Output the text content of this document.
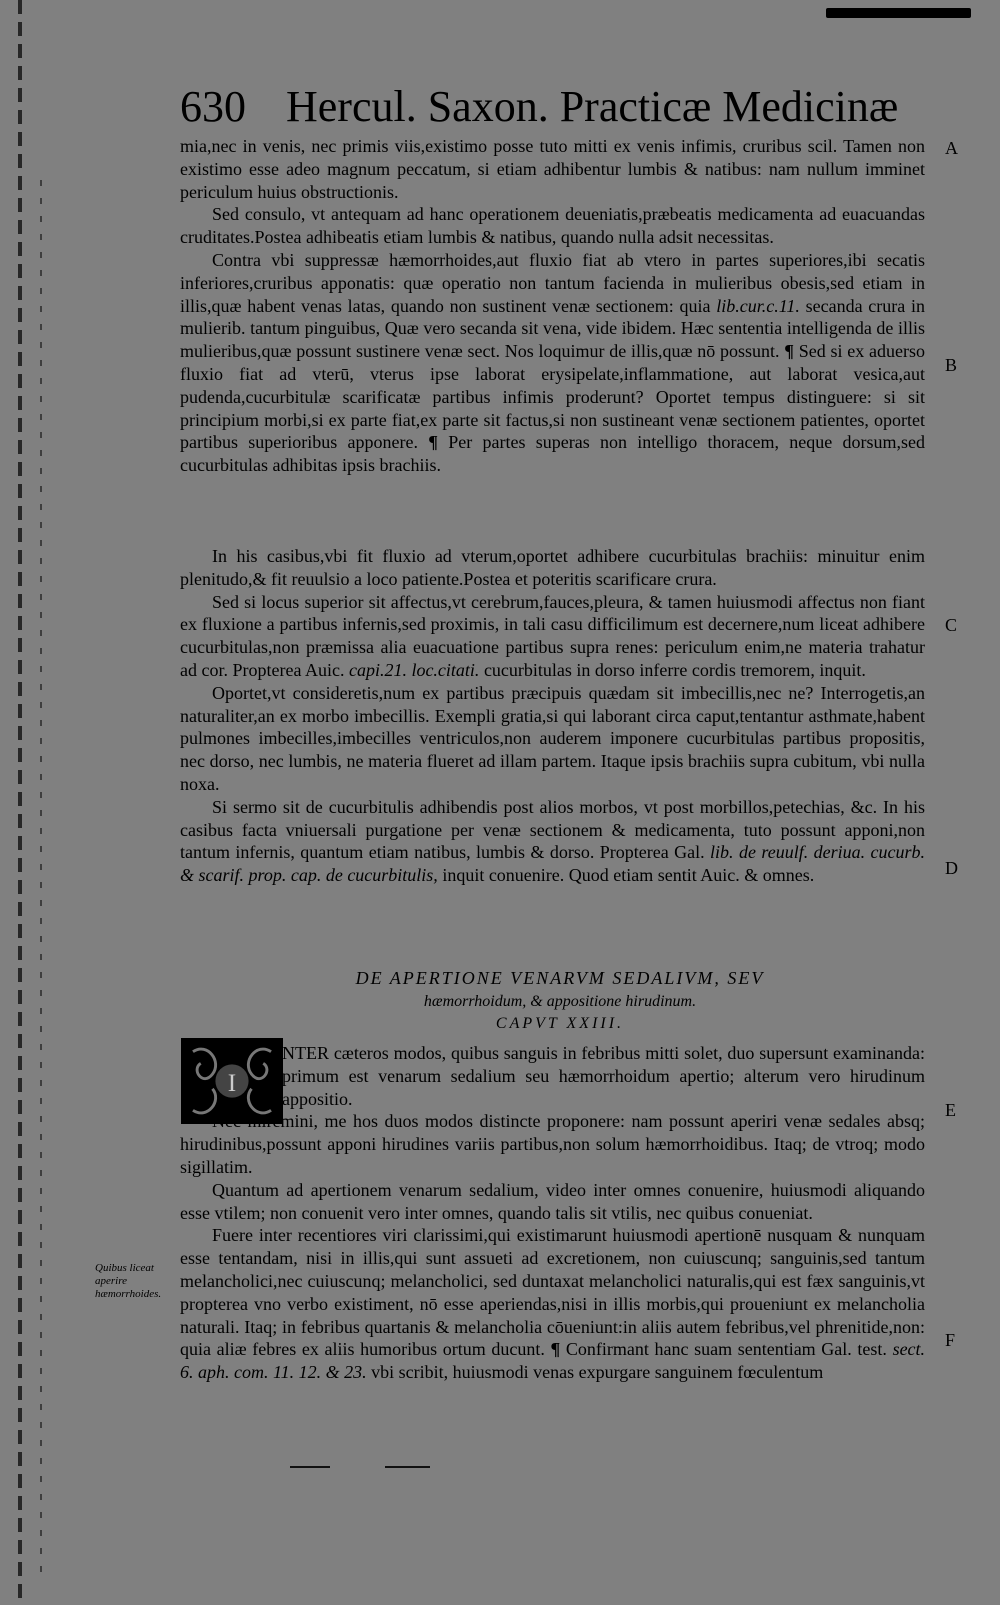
630 Hercul. Saxon. Practicæ Medicinæ
A
B
C
D
E
F

mia,nec in venis, nec primis viis,existimo posse tuto mitti ex venis infimis, cruribus scil. Tamen non existimo esse adeo magnum peccatum, si etiam adhibentur lumbis & natibus: nam nullum imminet periculum huius obstructionis.

Sed consulo, vt antequam ad hanc operationem deueniatis,præbeatis medicamenta ad euacuandas cruditates.Postea adhibeatis etiam lumbis & natibus, quando nulla adsit necessitas.

Contra vbi suppressæ hæmorrhoides,aut fluxio fiat ab vtero in partes superiores,ibi secatis inferiores,cruribus apponatis: quæ operatio non tantum facienda in mulieribus obesis,sed etiam in illis,quæ habent venas latas, quando non sustinent venæ sectionem: quia lib.cur.c.11. secanda crura in mulierib. tantum pinguibus, Quæ vero secanda sit vena, vide ibidem. Hæc sententia intelligenda de illis mulieribus,quæ possunt sustinere venæ sect. Nos loquimur de illis,quæ nō possunt. ¶ Sed si ex aduerso fluxio fiat ad vterū, vterus ipse laborat erysipelate,inflammatione, aut laborat vesica,aut pudenda,cucurbitulæ scarificatæ partibus infimis proderunt? Oportet tempus distinguere: si sit principium morbi,si ex parte fiat,ex parte sit factus,si non sustineant venæ sectionem patientes, oportet partibus superioribus apponere. ¶ Per partes superas non intelligo thoracem, neque dorsum,sed cucurbitulas adhibitas ipsis brachiis.

In his casibus,vbi fit fluxio ad vterum,oportet adhibere cucurbitulas brachiis: minuitur enim plenitudo,& fit reuulsio a loco patiente.Postea et poteritis scarificare crura.

Sed si locus superior sit affectus,vt cerebrum,fauces,pleura, & tamen huiusmodi affectus non fiant ex fluxione a partibus infernis,sed proximis, in tali casu difficilimum est decernere,num liceat adhibere cucurbitulas,non præmissa alia euacuatione partibus supra renes: periculum enim,ne materia trahatur ad cor. Propterea Auic. capi.21. loc.citati. cucurbitulas in dorso inferre cordis tremorem, inquit.

Oportet,vt consideretis,num ex partibus præcipuis quædam sit imbecillis,nec ne? Interrogetis,an naturaliter,an ex morbo imbecillis. Exempli gratia,si qui laborant circa caput,tentantur asthmate,habent pulmones imbecilles,imbecilles ventriculos,non auderem imponere cucurbitulas partibus propositis, nec dorso, nec lumbis, ne materia flueret ad illam partem. Itaque ipsis brachiis supra cubitum, vbi nulla noxa.

Si sermo sit de cucurbitulis adhibendis post alios morbos, vt post morbillos,petechias, &c. In his casibus facta vniuersali purgatione per venæ sectionem & medicamenta, tuto possunt apponi,non tantum infernis, quantum etiam natibus, lumbis & dorso. Propterea Gal. lib. de reuulf. deriua. cucurb. & scarif. prop. cap. de cucurbitulis, inquit conuenire. Quod etiam sentit Auic. & omnes.

DE APERTIONE VENARVM SEDALIVM, SEV
hæmorrhoidum, & appositione hirudinum.
CAPVT XXIII.
I

NTER cæteros modos, quibus sanguis in febribus mitti solet, duo supersunt examinanda: primum est venarum sedalium seu hæmorrhoidum apertio; alterum vero hirudinum appositio.

Nec miremini, me hos duos modos distincte proponere: nam possunt aperiri venæ sedales absq; hirudinibus,possunt apponi hirudines variis partibus,non solum hæmorrhoidibus. Itaq; de vtroq; modo sigillatim.

Quantum ad apertionem venarum sedalium, video inter omnes conuenire, huiusmodi aliquando esse vtilem; non conuenit vero inter omnes, quando talis sit vtilis, nec quibus conueniat.

Fuere inter recentiores viri clarissimi,qui existimarunt huiusmodi apertionē nusquam & nunquam esse tentandam, nisi in illis,qui sunt assueti ad excretionem, non cuiuscunq; sanguinis,sed tantum melancholici,nec cuiuscunq; melancholici, sed duntaxat melancholici naturalis,qui est fæx sanguinis,vt propterea vno verbo existiment, nō esse aperiendas,nisi in illis morbis,qui proueniunt ex melancholia naturali. Itaq; in febribus quartanis & melancholia cōueniunt:in aliis autem febribus,vel phrenitide,non: quia aliæ febres ex aliis humoribus ortum ducunt. ¶ Confirmant hanc suam sententiam Gal. test. sect. 6. aph. com. 11. 12. & 23. vbi scribit, huiusmodi venas expurgare sanguinem fœculentum

Quibus liceat aperire hæmorrhoides.
